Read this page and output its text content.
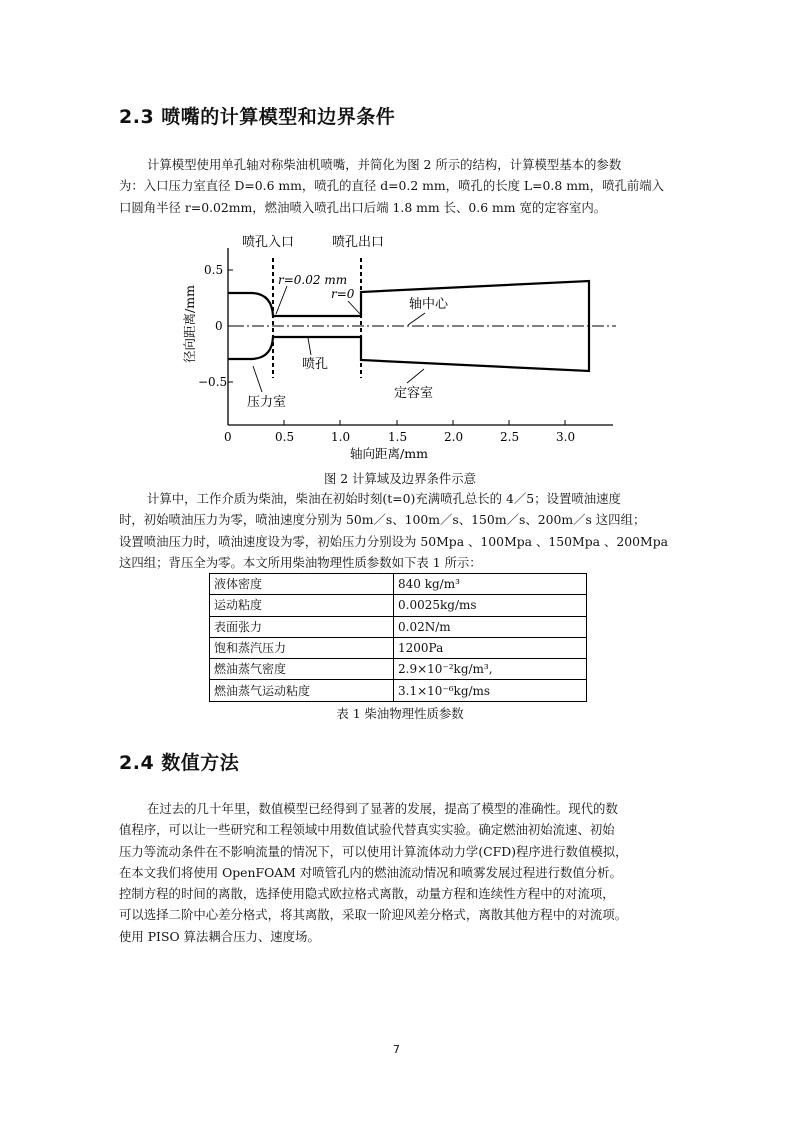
2.3 喷嘴的计算模型和边界条件

计算模型使用单孔轴对称柴油机喷嘴，并简化为图 2 所示的结构，计算模型基本的参数
为：入口压力室直径 D=0.6 mm，喷孔的直径 d=0.2 mm，喷孔的长度 L=0.8 mm，喷孔前端入
口圆角半径 r=0.02mm，燃油喷入喷孔出口后端 1.8 mm 长、0.6 mm 宽的定容室内。

0.5
0
−0.5
0	0.5	1.0	1.5	2.0	2.5	3.0
轴向距离/mm
径向距离/mm
喷孔入口	喷孔出口
r=0.02 mm
r=0
轴中心
喷孔
定容室
压力室

图 2 计算域及边界条件示意

计算中，工作介质为柴油，柴油在初始时刻(t=0)充满喷孔总长的 4／5；设置喷油速度
时，初始喷油压力为零，喷油速度分别为 50m／s、100m／s、150m／s、200m／s 这四组；
设置喷油压力时，喷油速度设为零，初始压力分别设为 50Mpa 、100Mpa 、150Mpa 、200Mpa
这四组；背压全为零。本文所用柴油物理性质参数如下表 1 所示：

液体密度	840 kg/m³
运动粘度	0.0025kg/ms
表面张力	0.02N/m
饱和蒸汽压力	1200Pa
燃油蒸气密度	2.9×10⁻²kg/m³,
燃油蒸气运动粘度	3.1×10⁻⁶kg/ms

表 1 柴油物理性质参数

2.4 数值方法

在过去的几十年里，数值模型已经得到了显著的发展，提高了模型的准确性。现代的数
值程序，可以让一些研究和工程领域中用数值试验代替真实实验。确定燃油初始流速、初始
压力等流动条件在不影响流量的情况下，可以使用计算流体动力学(CFD)程序进行数值模拟，
在本文我们将使用 OpenFOAM 对喷管孔内的燃油流动情况和喷雾发展过程进行数值分析。
控制方程的时间的离散，选择使用隐式欧拉格式离散，动量方程和连续性方程中的对流项，
可以选择二阶中心差分格式，将其离散，采取一阶迎风差分格式，离散其他方程中的对流项。
使用 PISO 算法耦合压力、速度场。

7
